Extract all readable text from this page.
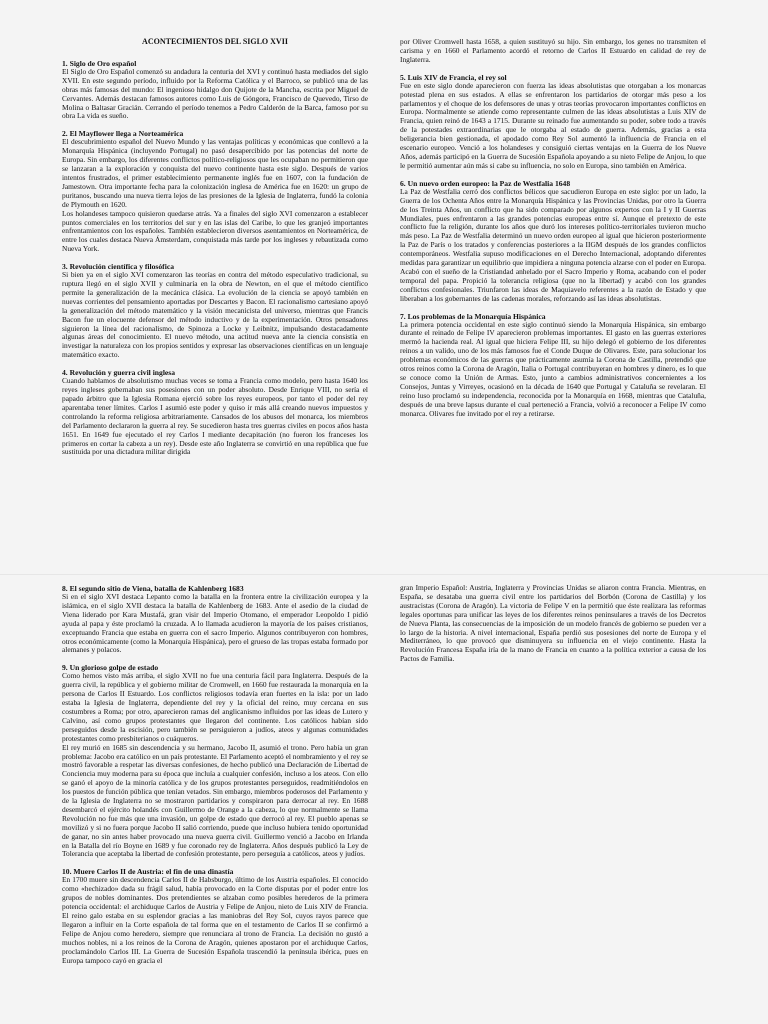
ACONTECIMIENTOS DEL SIGLO XVII
1. Siglo de Oro español

El Siglo de Oro Español comenzó su andadura la centuria del XVI y continuó hasta mediados del siglo XVII. En este segundo período, influido por la Reforma Católica y el Barroco, se publicó una de las obras más famosas del mundo: El ingenioso hidalgo don Quijote de la Mancha, escrita por Miguel de Cervantes. Además destacan famosos autores como Luis de Góngora, Francisco de Quevedo, Tirso de Molina o Baltasar Gracián. Cerrando el período tenemos a Pedro Calderón de la Barca, famoso por su obra La vida es sueño.

2. El Mayflower llega a Norteamérica

El descubrimiento español del Nuevo Mundo y las ventajas políticas y económicas que conllevó a la Monarquía Hispánica (incluyendo Portugal) no pasó desapercibido por las potencias del norte de Europa. Sin embargo, los diferentes conflictos político-religiosos que les ocupaban no permitieron que se lanzaran a la exploración y conquista del nuevo continente hasta este siglo. Después de varios intentos frustrados, el primer establecimiento permanente inglés fue en 1607, con la fundación de Jamestown. Otra importante fecha para la colonización inglesa de América fue en 1620: un grupo de puritanos, buscando una nueva tierra lejos de las presiones de la Iglesia de Inglaterra, fundó la colonia de Plymouth en 1620.

Los holandeses tampoco quisieron quedarse atrás. Ya a finales del siglo XVI comenzaron a establecer puntos comerciales en los territorios del sur y en las islas del Caribe, lo que les granjeó importantes enfrentamientos con los españoles. También establecieron diversos asentamientos en Norteamérica, de entre los cuales destaca Nueva Ámsterdam, conquistada más tarde por los ingleses y rebautizada como Nueva York.

3. Revolución científica y filosófica

Si bien ya en el siglo XVI comenzaron las teorías en contra del método especulativo tradicional, su ruptura llegó en el siglo XVII y culminaría en la obra de Newton, en el que el método científico permite la generalización de la mecánica clásica. La evolución de la ciencia se apoyó también en nuevas corrientes del pensamiento aportadas por Descartes y Bacon. El racionalismo cartesiano apoyó la generalización del método matemático y la visión mecanicista del universo, mientras que Francis Bacon fue un elocuente defensor del método inductivo y de la experimentación. Otros pensadores siguieron la línea del racionalismo, de Spinoza a Locke y Leibnitz, impulsando destacadamente algunas áreas del conocimiento. El nuevo método, una actitud nueva ante la ciencia consistía en investigar la naturaleza con los propios sentidos y expresar las observaciones científicas en un lenguaje matemático exacto.

4. Revolución y guerra civil inglesa

Cuando hablamos de absolutismo muchas veces se toma a Francia como modelo, pero hasta 1640 los reyes ingleses gobernaban sus posesiones con un poder absoluto. Desde Enrique VIII, no sería el papado árbitro que la Iglesia Romana ejerció sobre los reyes europeos, por tanto el poder del rey aparentaba tener límites. Carlos I asumió este poder y quiso ir más allá creando nuevos impuestos y controlando la reforma religiosa arbitrariamente. Cansados de los abusos del monarca, los miembros del Parlamento declararon la guerra al rey. Se sucedieron hasta tres guerras civiles en pocos años hasta 1651. En 1649 fue ejecutado el rey Carlos I mediante decapitación (no fueron los franceses los primeros en cortar la cabeza a un rey). Desde este año Inglaterra se convirtió en una república que fue sustituida por una dictadura militar dirigida

por Oliver Cromwell hasta 1658, a quien sustituyó su hijo. Sin embargo, los genes no transmiten el carisma y en 1660 el Parlamento acordó el retorno de Carlos II Estuardo en calidad de rey de Inglaterra.

5. Luis XIV de Francia, el rey sol

Fue en este siglo donde aparecieron con fuerza las ideas absolutistas que otorgaban a los monarcas potestad plena en sus estados. A ellas se enfrentaron los partidarios de otorgar más peso a los parlamentos y el choque de los defensores de unas y otras teorías provocaron importantes conflictos en Europa. Normalmente se atiende como representante culmen de las ideas absolutistas a Luis XIV de Francia, quien reinó de 1643 a 1715. Durante su reinado fue aumentando su poder, sobre todo a través de la potestades extraordinarias que le otorgaba al estado de guerra. Además, gracias a esta beligerancia bien gestionada, el apodado como Rey Sol aumentó la influencia de Francia en el escenario europeo. Venció a los holandeses y consiguió ciertas ventajas en la Guerra de los Nueve Años, además participó en la Guerra de Sucesión Española apoyando a su nieto Felipe de Anjou, lo que le permitió aumentar aún más si cabe su influencia, no solo en Europa, sino también en América.

6. Un nuevo orden europeo: la Paz de Westfalia 1648

La Paz de Westfalia cerró dos conflictos bélicos que sacudieron Europa en este siglo: por un lado, la Guerra de los Ochenta Años entre la Monarquía Hispánica y las Provincias Unidas, por otro la Guerra de los Treinta Años, un conflicto que ha sido comparado por algunos expertos con la I y II Guerras Mundiales, pues enfrentaron a las grandes potencias europeas entre sí. Aunque el pretexto de este conflicto fue la religión, durante los años que duró los intereses político-territoriales tuvieron mucho más peso. La Paz de Westfalia determinó un nuevo orden europeo al igual que hicieron posteriormente la Paz de París o los tratados y conferencias posteriores a la IIGM después de los grandes conflictos contemporáneos. Westfalia supuso modificaciones en el Derecho Internacional, adoptando diferentes medidas para garantizar un equilibrio que impidiera a ninguna potencia alzarse con el poder en Europa. Acabó con el sueño de la Cristiandad anhelado por el Sacro Imperio y Roma, acabando con el poder temporal del papa. Propició la tolerancia religiosa (que no la libertad) y acabó con los grandes conflictos confesionales. Triunfaron las ideas de Maquiavelo referentes a la razón de Estado y que liberaban a los gobernantes de las cadenas morales, reforzando así las ideas absolutistas.

7. Los problemas de la Monarquía Hispánica

La primera potencia occidental en este siglo continuó siendo la Monarquía Hispánica, sin embargo durante el reinado de Felipe IV aparecieron problemas importantes. El gasto en las guerras exteriores mermó la hacienda real. Al igual que hiciera Felipe III, su hijo delegó el gobierno de los diferentes reinos a un valido, uno de los más famosos fue el Conde Duque de Olivares. Este, para solucionar los problemas económicos de las guerras que prácticamente asumía la Corona de Castilla, pretendió que otros reinos como la Corona de Aragón, Italia o Portugal contribuyeran en hombres y dinero, es lo que se conoce como la Unión de Armas. Esto, junto a cambios administrativos concernientes a los Consejos, Juntas y Virreyes, ocasionó en la década de 1640 que Portugal y Cataluña se revelaran. El reino luso proclamó su independencia, reconocida por la Monarquía en 1668, mientras que Cataluña, después de una breve lapsus durante el cual perteneció a Francia, volvió a reconocer a Felipe IV como monarca. Olivares fue invitado por el rey a retirarse.

8. El segundo sitio de Viena, batalla de Kahlenberg 1683

Si en el siglo XVI destaca Lepanto como la batalla en la frontera entre la civilización europea y la islámica, en el siglo XVII destaca la batalla de Kahlenberg de 1683. Ante el asedio de la ciudad de Viena liderado por Kara Mustafá, gran visir del Imperio Otomano, el emperador Leopoldo I pidió ayuda al papa y éste proclamó la cruzada. A lo llamada acudieron la mayoría de los países cristianos, exceptuando Francia que estaba en guerra con el sacro Imperio. Algunos contribuyeron con hombres, otros económicamente (como la Monarquía Hispánica), pero el grueso de las tropas estaba formado por alemanes y polacos.

9. Un glorioso golpe de estado

Como hemos visto más arriba, el siglo XVII no fue una centuria fácil para Inglaterra. Después de la guerra civil, la república y el gobierno militar de Cromwell, en 1660 fue restaurada la monarquía en la persona de Carlos II Estuardo. Los conflictos religiosos todavía eran fuertes en la isla: por un lado estaba la Iglesia de Inglaterra, dependiente del rey y la oficial del reino, muy cercana en sus costumbres a Roma; por otro, aparecieron ramas del anglicanismo influidos por las ideas de Lutero y Calvino, así como grupos protestantes que llegaron del continente. Los católicos habían sido perseguidos desde la escisión, pero también se persiguieron a judíos, ateos y algunas comunidades protestantes como presbiterianos o cuáqueros.

El rey murió en 1685 sin descendencia y su hermano, Jacobo II, asumió el trono. Pero había un gran problema: Jacobo era católico en un país protestante. El Parlamento aceptó el nombramiento y el rey se mostró favorable a respetar las diversas confesiones, de hecho publicó una Declaración de Libertad de Conciencia muy moderna para su época que incluía a cualquier confesión, incluso a los ateos. Con ello se ganó el apoyo de la minoría católica y de los grupos protestantes perseguidos, readmitiéndolos en los puestos de función pública que tenían vetados. Sin embargo, miembros poderosos del Parlamento y de la Iglesia de Inglaterra no se mostraron partidarios y conspiraron para derrocar al rey. En 1688 desembarcó el ejército holandés con Guillermo de Orange a la cabeza, lo que normalmente se llama Revolución no fue más que una invasión, un golpe de estado que derrocó al rey. El pueblo apenas se movilizó y si no fuera porque Jacobo II salió corriendo, puede que incluso hubiera tenido oportunidad de ganar, no sin antes haber provocado una nueva guerra civil. Guillermo venció a Jacobo en Irlanda en la Batalla del río Boyne en 1689 y fue coronado rey de Inglaterra. Años después publicó la Ley de Tolerancia que aceptaba la libertad de confesión protestante, pero perseguía a católicos, ateos y judíos.

10. Muere Carlos II de Austria: el fin de una dinastía

En 1700 muere sin descendencia Carlos II de Habsburgo, último de los Austria españoles. El conocido como «hechizado» dada su frágil salud, había provocado en la Corte disputas por el poder entre los grupos de nobles dominantes. Dos pretendientes se alzaban como posibles herederos de la primera potencia occidental: el archiduque Carlos de Austria y Felipe de Anjou, nieto de Luis XIV de Francia. El reino galo estaba en su esplendor gracias a las maniobras del Rey Sol, cuyos rayos parece que llegaron a influir en la Corte española de tal forma que en el testamento de Carlos II se confirmó a Felipe de Anjou como heredero, siempre que renunciara al trono de Francia. La decisión no gustó a muchos nobles, ni a los reinos de la Corona de Aragón, quienes apostaron por el archiduque Carlos, proclamándolo Carlos III. La Guerra de Sucesión Española trascendió la península ibérica, pues en Europa tampoco cayó en gracia el

gran Imperio Español: Austria, Inglaterra y Provincias Unidas se aliaron contra Francia. Mientras, en España, se desataba una guerra civil entre los partidarios del Borbón (Corona de Castilla) y los austracistas (Corona de Aragón). La victoria de Felipe V en la permitió que éste realizara las reformas legales oportunas para unificar las leyes de los diferentes reinos peninsulares a través de los Decretos de Nueva Planta, las consecuencias de la imposición de un modelo francés de gobierno se pueden ver a lo largo de la historia. A nivel internacional, España perdió sus posesiones del norte de Europa y el Mediterráneo, lo que provocó que disminuyera su influencia en el viejo continente. Hasta la Revolución Francesa España iría de la mano de Francia en cuanto a la política exterior a causa de los Pactos de Familia.
